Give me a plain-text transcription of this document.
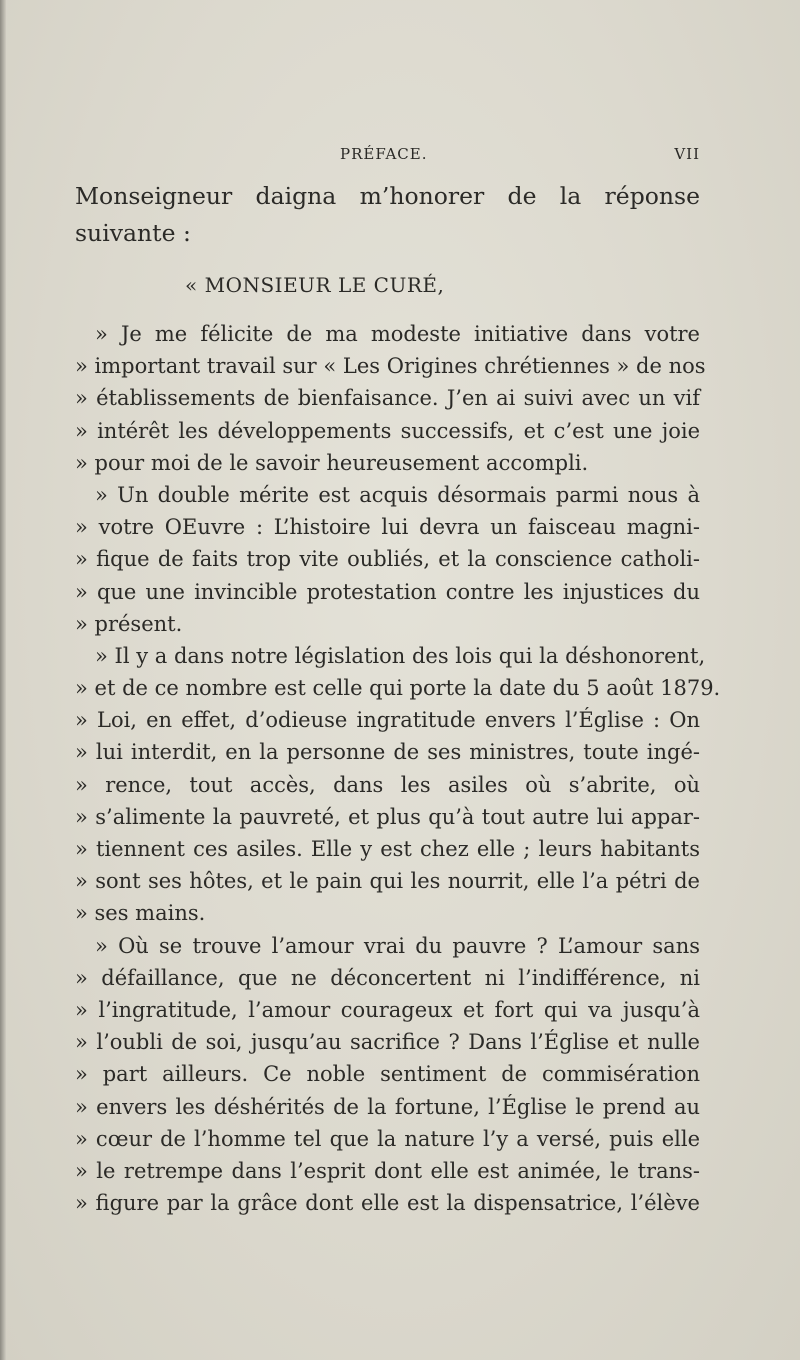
PRÉFACE.	VII
Monseigneur daigna m’honorer de la réponse
suivante :
« MONSIEUR LE CURÉ,
» Je me félicite de ma modeste initiative dans votre
» important travail sur « Les Origines chrétiennes » de nos
» établissements de bienfaisance. J’en ai suivi avec un vif
» intérêt les développements successifs, et c’est une joie
» pour moi de le savoir heureusement accompli.
» Un double mérite est acquis désormais parmi nous à
» votre OEuvre : L’histoire lui devra un faisceau magni-
» fique de faits trop vite oubliés, et la conscience catholi-
» que une invincible protestation contre les injustices du
» présent.
» Il y a dans notre législation des lois qui la déshonorent,
» et de ce nombre est celle qui porte la date du 5 août 1879.
» Loi, en effet, d’odieuse ingratitude envers l’Église : On
» lui interdit, en la personne de ses ministres, toute ingé-
» rence, tout accès, dans les asiles où s’abrite, où
» s’alimente la pauvreté, et plus qu’à tout autre lui appar-
» tiennent ces asiles. Elle y est chez elle ; leurs habitants
» sont ses hôtes, et le pain qui les nourrit, elle l’a pétri de
» ses mains.
» Où se trouve l’amour vrai du pauvre ? L’amour sans
» défaillance, que ne déconcertent ni l’indifférence, ni
» l’ingratitude, l’amour courageux et fort qui va jusqu’à
» l’oubli de soi, jusqu’au sacrifice ? Dans l’Église et nulle
» part ailleurs. Ce noble sentiment de commisération
» envers les déshérités de la fortune, l’Église le prend au
» cœur de l’homme tel que la nature l’y a versé, puis elle
» le retrempe dans l’esprit dont elle est animée, le trans-
» figure par la grâce dont elle est la dispensatrice, l’élève
